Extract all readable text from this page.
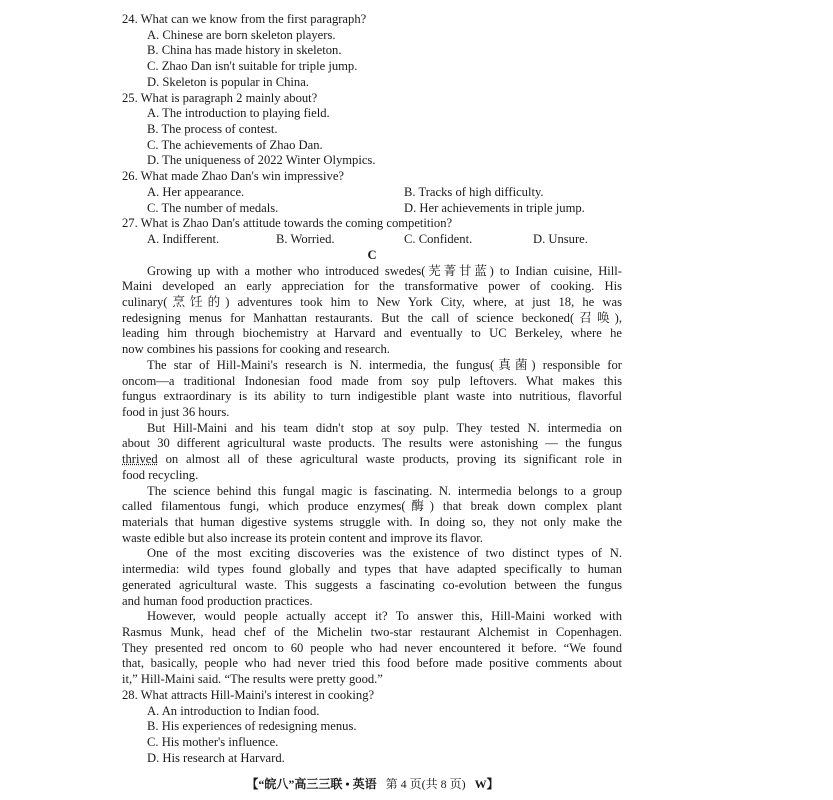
24. What can we know from the first paragraph?
A. Chinese are born skeleton players.
B. China has made history in skeleton.
C. Zhao Dan isn't suitable for triple jump.
D. Skeleton is popular in China.
25. What is paragraph 2 mainly about?
A. The introduction to playing field.
B. The process of contest.
C. The achievements of Zhao Dan.
D. The uniqueness of 2022 Winter Olympics.
26. What made Zhao Dan's win impressive?
A. Her appearance.	B. Tracks of high difficulty.
C. The number of medals.	D. Her achievements in triple jump.
27. What is Zhao Dan's attitude towards the coming competition?
A. Indifferent.	B. Worried.	C. Confident.	D. Unsure.
C
Growing up with a mother who introduced swedes(芜菁甘蓝) to Indian cuisine, Hill-
Maini developed an early appreciation for the transformative power of cooking. His
culinary(烹饪的) adventures took him to New York City, where, at just 18, he was
redesigning menus for Manhattan restaurants. But the call of science beckoned(召唤),
leading him through biochemistry at Harvard and eventually to UC Berkeley, where he
now combines his passions for cooking and research.
The star of Hill-Maini's research is N. intermedia, the fungus(真菌) responsible for
oncom—a traditional Indonesian food made from soy pulp leftovers. What makes this
fungus extraordinary is its ability to turn indigestible plant waste into nutritious, flavorful
food in just 36 hours.
But Hill-Maini and his team didn't stop at soy pulp. They tested N. intermedia on
about 30 different agricultural waste products. The results were astonishing — the fungus
thrived on almost all of these agricultural waste products, proving its significant role in
food recycling.
The science behind this fungal magic is fascinating. N. intermedia belongs to a group
called filamentous fungi, which produce enzymes(酶) that break down complex plant
materials that human digestive systems struggle with. In doing so, they not only make the
waste edible but also increase its protein content and improve its flavor.
One of the most exciting discoveries was the existence of two distinct types of N.
intermedia: wild types found globally and types that have adapted specifically to human
generated agricultural waste. This suggests a fascinating co-evolution between the fungus
and human food production practices.
However, would people actually accept it? To answer this, Hill-Maini worked with
Rasmus Munk, head chef of the Michelin two-star restaurant Alchemist in Copenhagen.
They presented red oncom to 60 people who had never encountered it before. “We found
that, basically, people who had never tried this food before made positive comments about
it,” Hill-Maini said. “The results were pretty good.”
28. What attracts Hill-Maini's interest in cooking?
A. An introduction to Indian food.
B. His experiences of redesigning menus.
C. His mother's influence.
D. His research at Harvard.
【“皖八”高三三联 • 英语 第 4 页(共 8 页) W】
